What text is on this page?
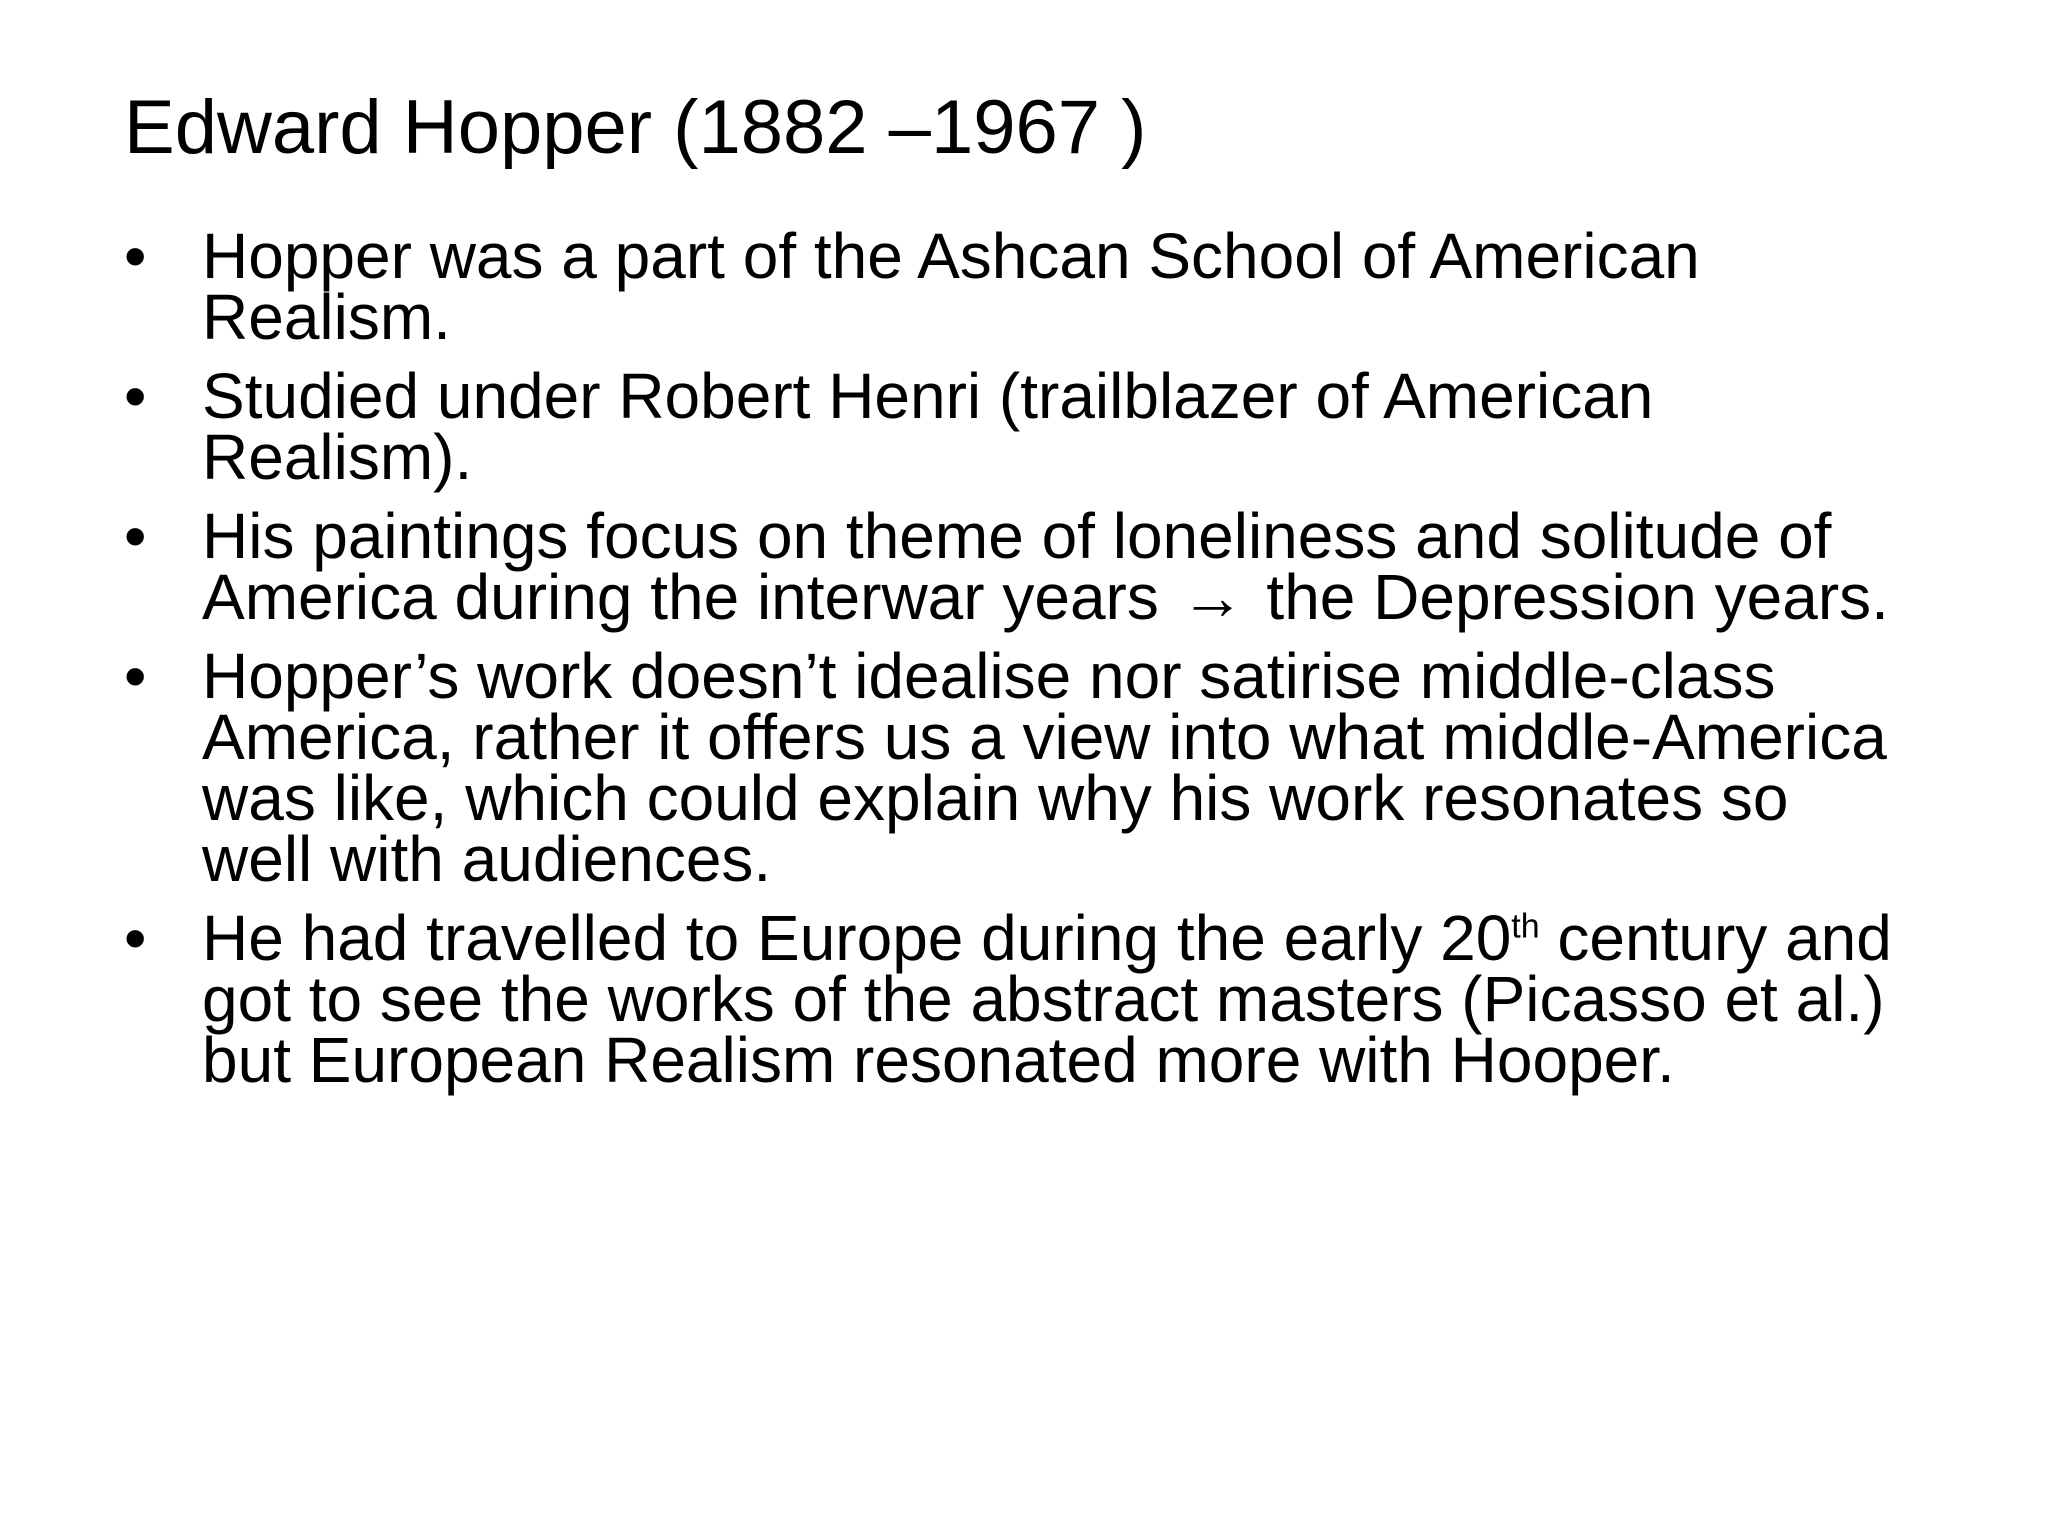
Edward Hopper (1882 –1967 )
• Hopper was a part of the Ashcan School of American Realism.
• Studied under Robert Henri (trailblazer of American Realism).
• His paintings focus on theme of loneliness and solitude of America during the interwar years → the Depression years.
• Hopper’s work doesn’t idealise nor satirise middle-class America, rather it offers us a view into what middle-America was like, which could explain why his work resonates so well with audiences.
• He had travelled to Europe during the early 20th century and got to see the works of the abstract masters (Picasso et al.) but European Realism resonated more with Hooper.
